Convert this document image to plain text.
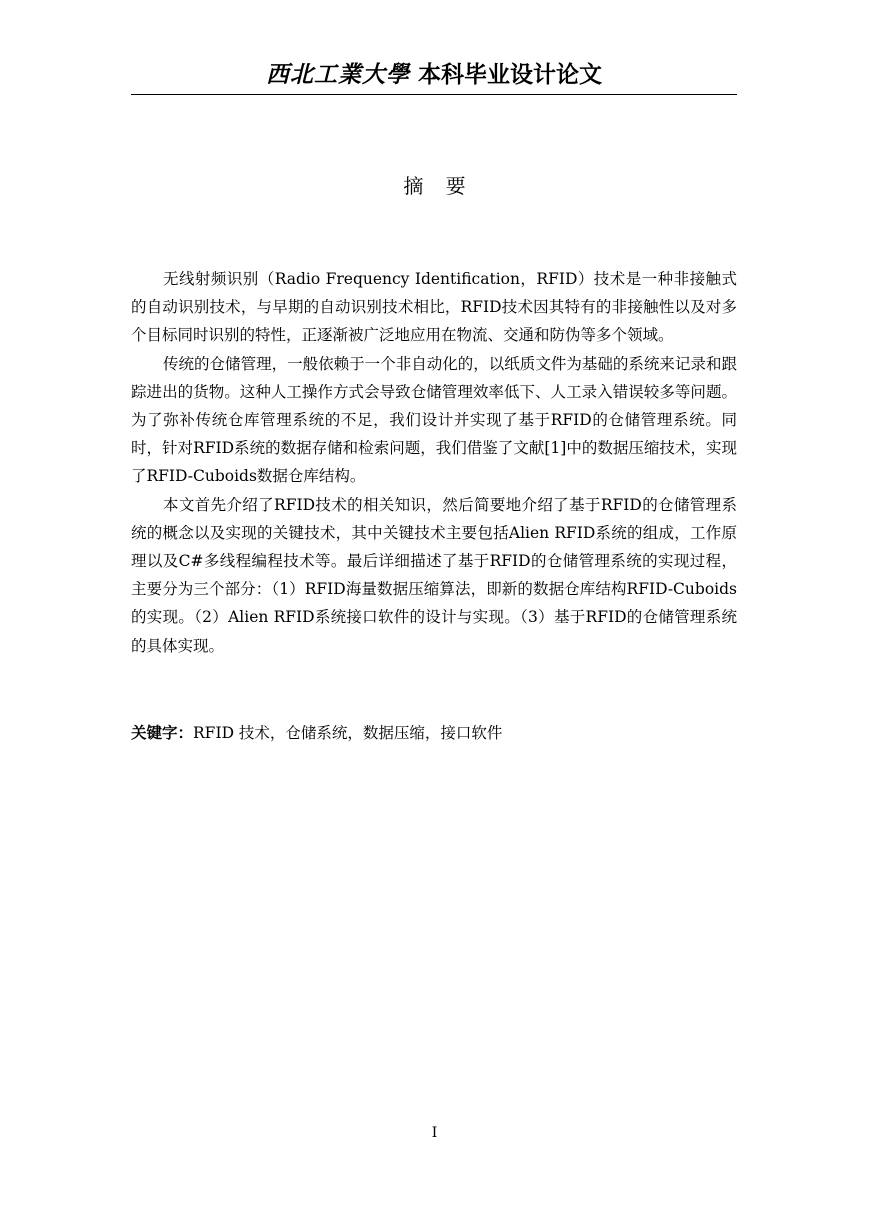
西北工業大學 本科毕业设计论文
摘 要

无线射频识别（Radio Frequency Identification，RFID）技术是一种非接触式的自动识别技术，与早期的自动识别技术相比，RFID技术因其特有的非接触性以及对多个目标同时识别的特性，正逐渐被广泛地应用在物流、交通和防伪等多个领域。

传统的仓储管理，一般依赖于一个非自动化的，以纸质文件为基础的系统来记录和跟踪进出的货物。这种人工操作方式会导致仓储管理效率低下、人工录入错误较多等问题。为了弥补传统仓库管理系统的不足，我们设计并实现了基于RFID的仓储管理系统。同时，针对RFID系统的数据存储和检索问题，我们借鉴了文献[1]中的数据压缩技术，实现了RFID-Cuboids数据仓库结构。

本文首先介绍了RFID技术的相关知识，然后简要地介绍了基于RFID的仓储管理系统的概念以及实现的关键技术，其中关键技术主要包括Alien RFID系统的组成，工作原理以及C#多线程编程技术等。最后详细描述了基于RFID的仓储管理系统的实现过程，主要分为三个部分：（1）RFID海量数据压缩算法，即新的数据仓库结构RFID-Cuboids的实现。（2）Alien RFID系统接口软件的设计与实现。（3）基于RFID的仓储管理系统的具体实现。

关键字：RFID 技术，仓储系统，数据压缩，接口软件
I
